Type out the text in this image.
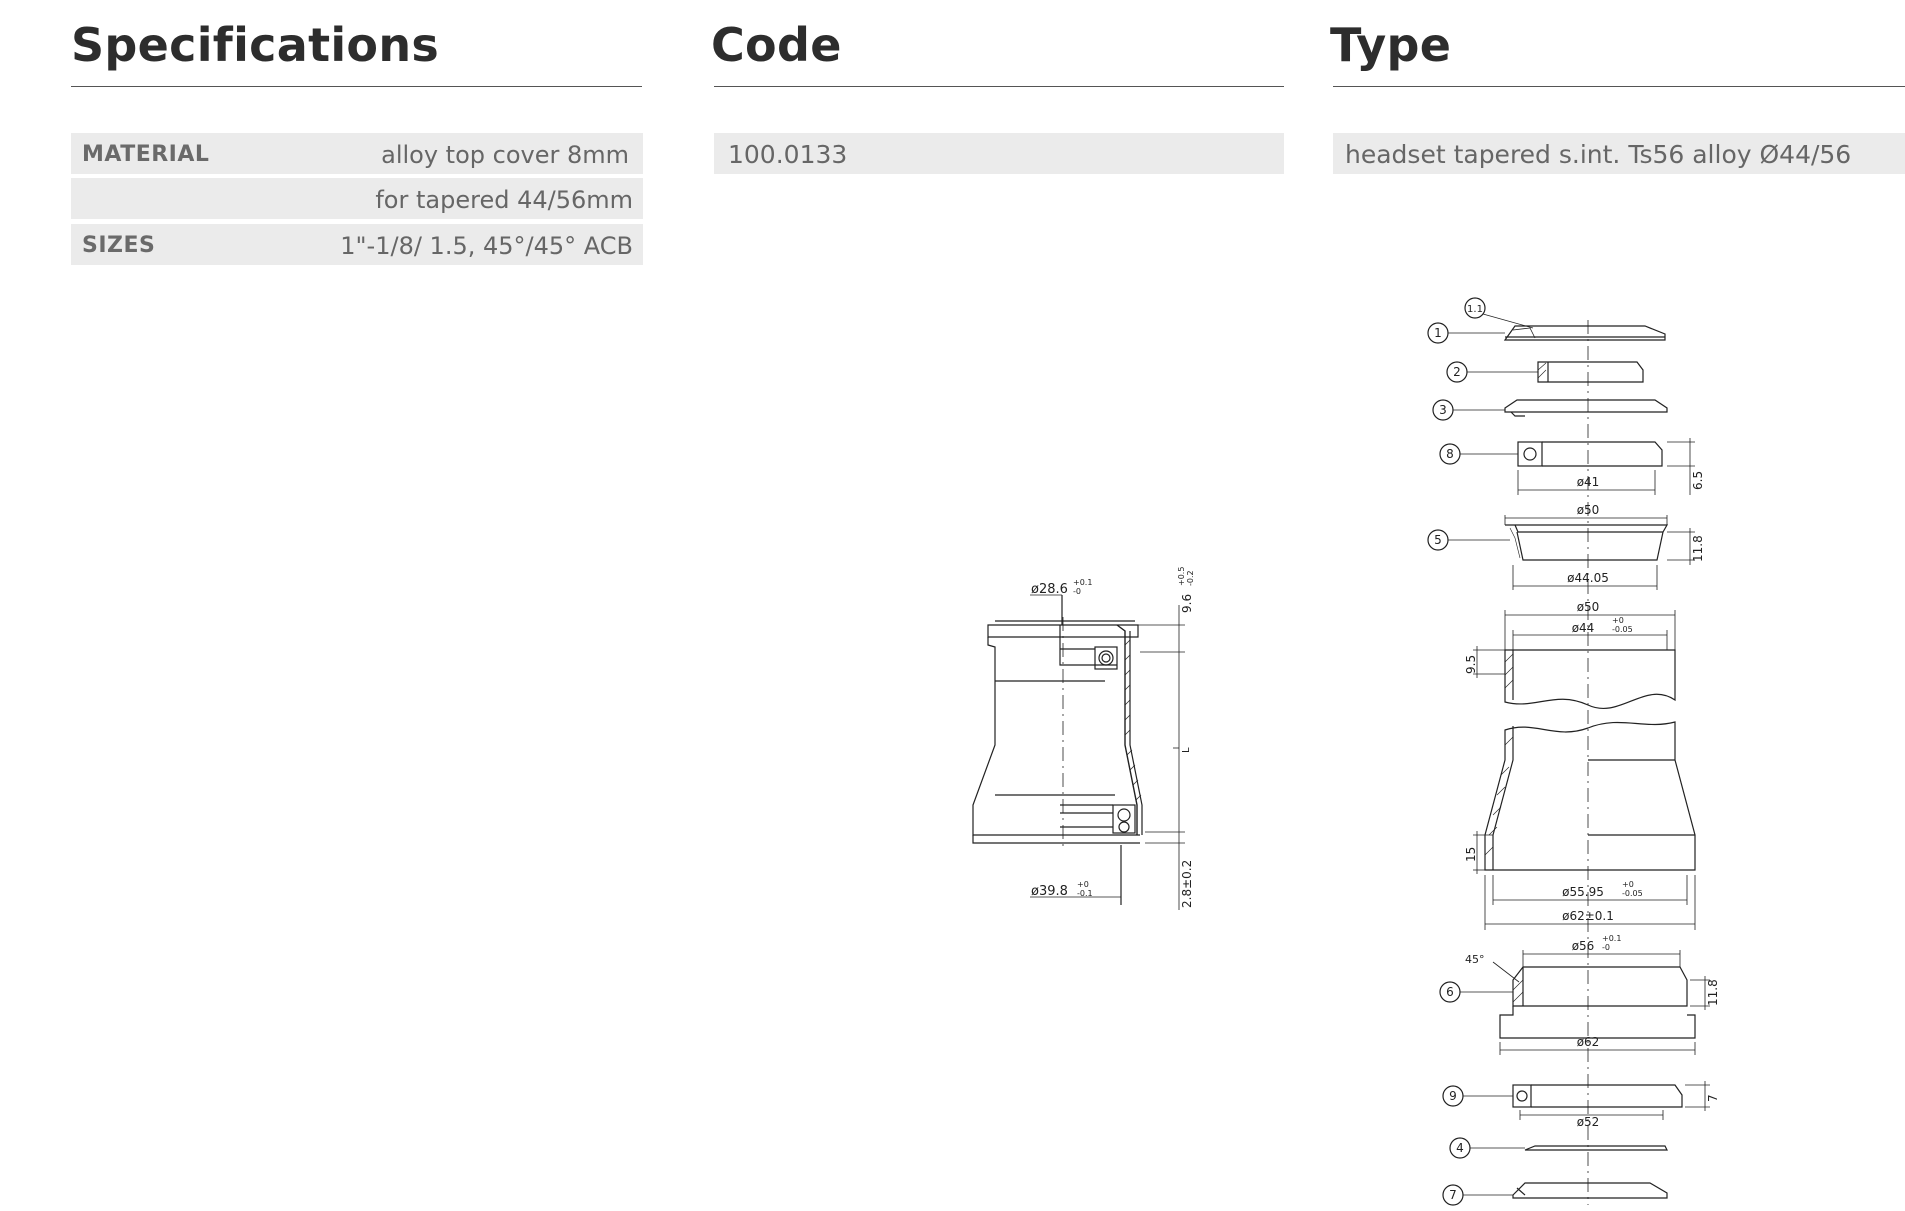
Specifications
MATERIAL	alloy top cover 8mm
for tapered 44/56mm
SIZES	1"-1/8/ 1.5, 45°/45° ACB
Code
100.0133
Type
headset tapered s.int. Ts56 alloy Ø44/56
ø28.6 +0.1
-0
ø39.8 +0
-0.1
9.6
+0.5 -0.2
2.8±0.2
L
1.1
1
2
3
8
5
6
9
4
7
ø41
ø50
ø44.05
ø50
ø44
ø55.95
ø62±0.1
ø56
ø62
ø52
+0
-0.05
+0
-0.05
+0.1
-0
45°
6.5
11.8
9.5
15
11.8
7
